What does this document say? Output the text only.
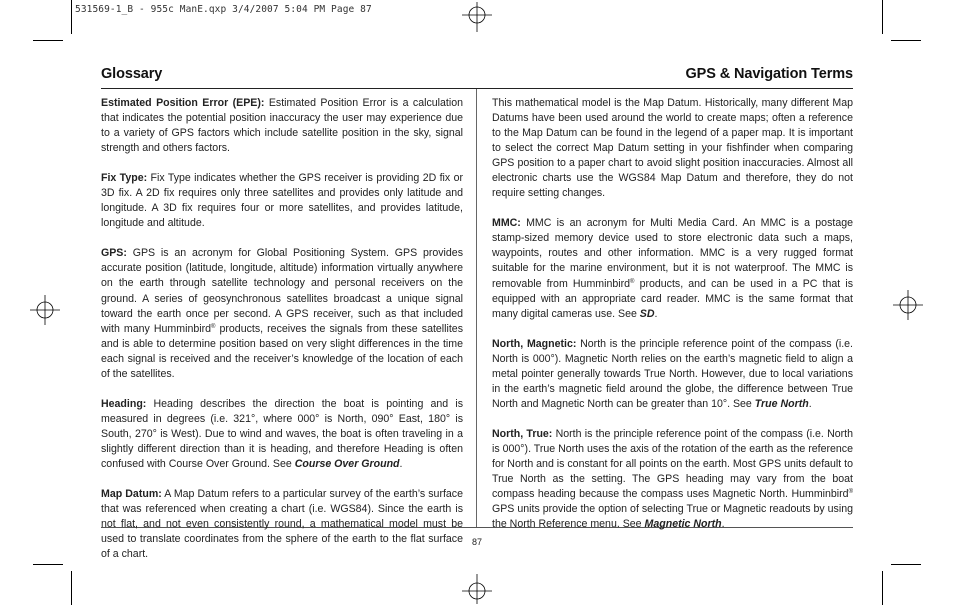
531569-1_B - 955c ManE.qxp 3/4/2007 5:04 PM Page 87
Glossary	GPS & Navigation Terms

Estimated Position Error (EPE): Estimated Position Error is a calculation that indicates the potential position inaccuracy the user may experience due to a variety of GPS factors which include satellite position in the sky, signal strength and others factors.

Fix Type: Fix Type indicates whether the GPS receiver is providing 2D fix or 3D fix. A 2D fix requires only three satellites and provides only latitude and longitude. A 3D fix requires four or more satellites, and provides latitude, longitude and altitude.

GPS: GPS is an acronym for Global Positioning System. GPS provides accurate position (latitude, longitude, altitude) information virtually anywhere on the earth through satellite technology and personal receivers on the ground. A series of geosynchronous satellites broadcast a unique signal toward the earth once per second. A GPS receiver, such as that included with many Humminbird® products, receives the signals from these satellites and is able to determine position based on very slight differences in the time each signal is received and the receiver’s knowledge of the location of each of the satellites.

Heading: Heading describes the direction the boat is pointing and is measured in degrees (i.e. 321°, where 000° is North, 090° East, 180° is South, 270° is West). Due to wind and waves, the boat is often traveling in a slightly different direction than it is heading, and therefore Heading is often confused with Course Over Ground. See Course Over Ground.

Map Datum: A Map Datum refers to a particular survey of the earth’s surface that was referenced when creating a chart (i.e. WGS84). Since the earth is not flat, and not even consistently round, a mathematical model must be used to translate coordinates from the sphere of the earth to the flat surface of a chart.

This mathematical model is the Map Datum. Historically, many different Map Datums have been used around the world to create maps; often a reference to the Map Datum can be found in the legend of a paper map. It is important to select the correct Map Datum setting in your fishfinder when comparing GPS position to a paper chart to avoid slight position inaccuracies. Almost all electronic charts use the WGS84 Map Datum and therefore, they do not require setting changes.

MMC: MMC is an acronym for Multi Media Card. An MMC is a postage stamp-sized memory device used to store electronic data such a maps, waypoints, routes and other information. MMC is a very rugged format suitable for the marine environment, but it is not waterproof. The MMC is removable from Humminbird® products, and can be used in a PC that is equipped with an appropriate card reader. MMC is the same format that many digital cameras use. See SD.

North, Magnetic: North is the principle reference point of the compass (i.e. North is 000°). Magnetic North relies on the earth’s magnetic field to align a metal pointer generally towards True North. However, due to local variations in the earth’s magnetic field around the globe, the difference between True North and Magnetic North can be greater than 10°. See True North.

North, True: North is the principle reference point of the compass (i.e. North is 000°). True North uses the axis of the rotation of the earth as the reference for North and is constant for all points on the earth. Most GPS units default to True North as the setting. The GPS heading may vary from the boat compass heading because the compass uses Magnetic North. Humminbird® GPS units provide the option of selecting True or Magnetic readouts by using the North Reference menu. See Magnetic North.

87
